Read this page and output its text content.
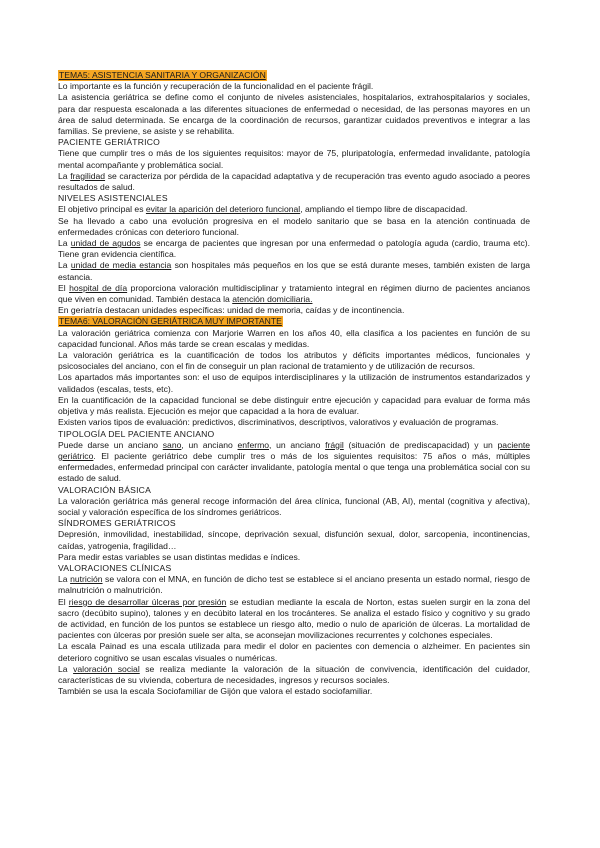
TEMA5: ASISTENCIA SANITARIA Y ORGANIZACIÓN

Lo importante es la función y recuperación de la funcionalidad en el paciente frágil.

La asistencia geriátrica se define como el conjunto de niveles asistenciales, hospitalarios, extrahospitalarios y sociales, para dar respuesta escalonada a las diferentes situaciones de enfermedad o necesidad, de las personas mayores en un área de salud determinada. Se encarga de la coordinación de recursos, garantizar cuidados preventivos e integrar a las familias. Se previene, se asiste y se rehabilita.

PACIENTE GERIÁTRICO

Tiene que cumplir tres o más de los siguientes requisitos: mayor de 75, pluripatología, enfermedad invalidante, patología mental acompañante y problemática social.

La fragilidad se caracteriza por pérdida de la capacidad adaptativa y de recuperación tras evento agudo asociado a peores resultados de salud.

NIVELES ASISTENCIALES

El objetivo principal es evitar la aparición del deterioro funcional, ampliando el tiempo libre de discapacidad.

Se ha llevado a cabo una evolución progresiva en el modelo sanitario que se basa en la atención continuada de enfermedades crónicas con deterioro funcional.

La unidad de agudos se encarga de pacientes que ingresan por una enfermedad o patología aguda (cardio, trauma etc). Tiene gran evidencia científica.

La unidad de media estancia son hospitales más pequeños en los que se está durante meses, también existen de larga estancia.

El hospital de día proporciona valoración multidisciplinar y tratamiento integral en régimen diurno de pacientes ancianos que viven en comunidad. También destaca la atención domiciliaria.

En geriatría destacan unidades específicas: unidad de memoria, caídas y de incontinencia.

TEMA6: VALORACIÓN GERIÁTRICA MUY IMPORTANTE

La valoración geriátrica comienza con Marjorie Warren en los años 40, ella clasifica a los pacientes en función de su capacidad funcional. Años más tarde se crean escalas y medidas.

La valoración geriátrica es la cuantificación de todos los atributos y déficits importantes médicos, funcionales y psicosociales del anciano, con el fin de conseguir un plan racional de tratamiento y de utilización de recursos.

Los apartados más importantes son: el uso de equipos interdisciplinares y la utilización de instrumentos estandarizados y validados (escalas, tests, etc).

En la cuantificación de la capacidad funcional se debe distinguir entre ejecución y capacidad para evaluar de forma más objetiva y más realista. Ejecución es mejor que capacidad a la hora de evaluar.

Existen varios tipos de evaluación: predictivos, discriminativos, descriptivos, valorativos y evaluación de programas.

TIPOLOGÍA DEL PACIENTE ANCIANO

Puede darse un anciano sano, un anciano enfermo, un anciano frágil (situación de prediscapacidad) y un paciente geriátrico. El paciente geriátrico debe cumplir tres o más de los siguientes requisitos: 75 años o más, múltiples enfermedades, enfermedad principal con carácter invalidante, patología mental o que tenga una problemática social con su estado de salud.

VALORACIÓN BÁSICA

La valoración geriátrica más general recoge información del área clínica, funcional (AB, AI), mental (cognitiva y afectiva), social y valoración específica de los síndromes geriátricos.

SÍNDROMES GERIÁTRICOS

Depresión, inmovilidad, inestabilidad, síncope, deprivación sexual, disfunción sexual, dolor, sarcopenia, incontinencias, caídas, yatrogenia, fragilidad…

Para medir estas variables se usan distintas medidas e índices.

VALORACIONES CLÍNICAS

La nutrición se valora con el MNA, en función de dicho test se establece si el anciano presenta un estado normal, riesgo de malnutrición o malnutrición.

El riesgo de desarrollar úlceras por presión se estudian mediante la escala de Norton, estas suelen surgir en la zona del sacro (decúbito supino), talones y en decúbito lateral en los trocánteres. Se analiza el estado físico y cognitivo y su grado de actividad, en función de los puntos se establece un riesgo alto, medio o nulo de aparición de úlceras. La mortalidad de pacientes con úlceras por presión suele ser alta, se aconsejan movilizaciones recurrentes y colchones especiales.

La escala Painad es una escala utilizada para medir el dolor en pacientes con demencia o alzheimer. En pacientes sin deterioro cognitivo se usan escalas visuales o numéricas.

La valoración social se realiza mediante la valoración de la situación de convivencia, identificación del cuidador, características de su vivienda, cobertura de necesidades, ingresos y recursos sociales.

También se usa la escala Sociofamiliar de Gijón que valora el estado sociofamiliar.
